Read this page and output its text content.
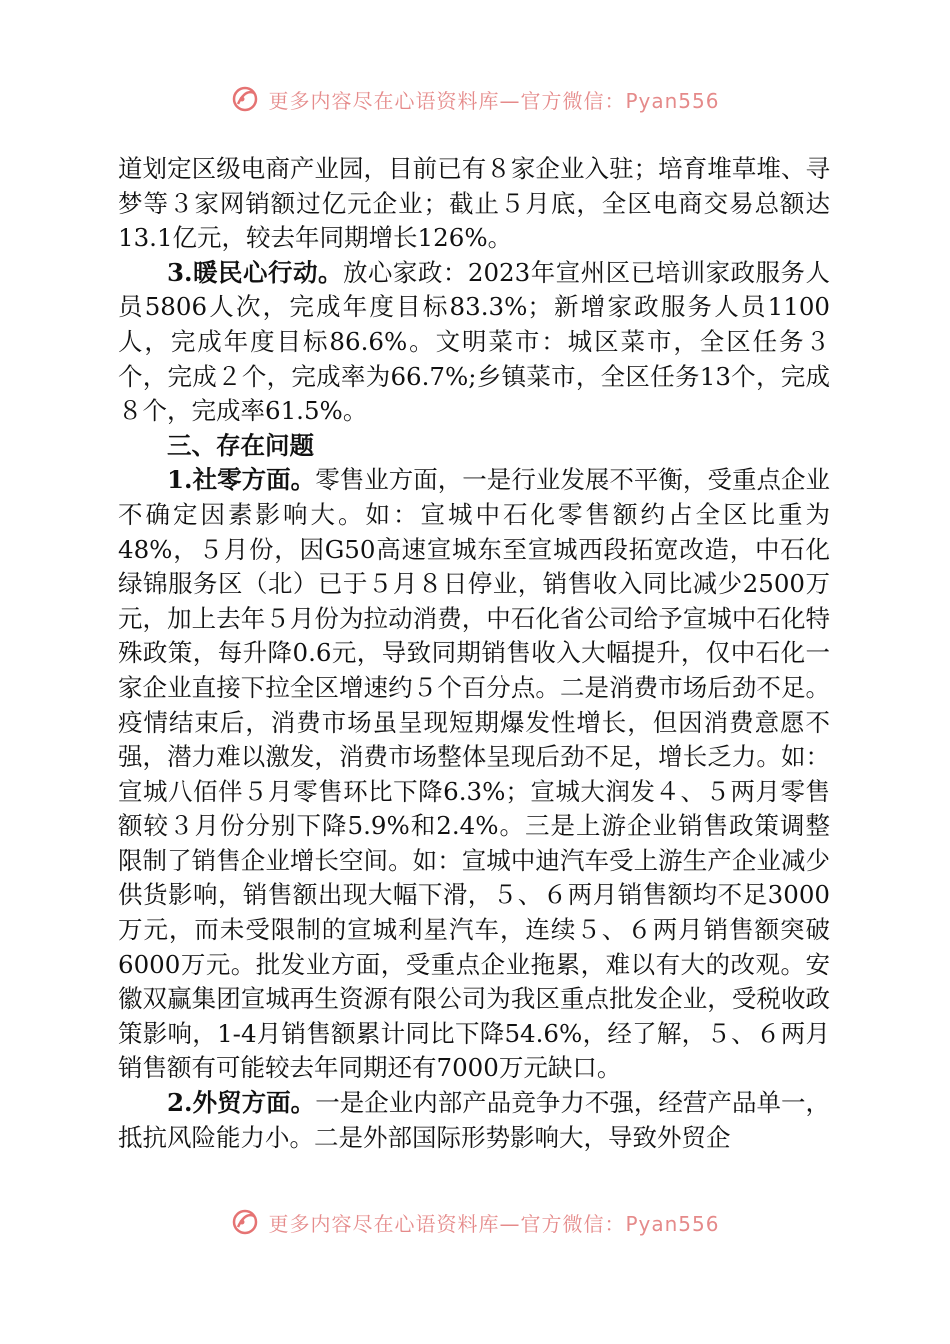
更多内容尽在心语资料库—官方微信：Pyan556

道划定区级电商产业园，目前已有８家企业入驻；培育堆草堆、寻梦等３家网销额过亿元企业；截止５月底，全区电商交易总额达13.1亿元，较去年同期增长126%。

3.暖民心行动。放心家政：2023年宣州区已培训家政服务人员5806人次，完成年度目标83.3%；新增家政服务人员1100人，完成年度目标86.6%。文明菜市：城区菜市，全区任务３个，完成２个，完成率为66.7%;乡镇菜市，全区任务13个，完成８个，完成率61.5%。

三、存在问题

1.社零方面。零售业方面，一是行业发展不平衡，受重点企业不确定因素影响大。如：宣城中石化零售额约占全区比重为48%，５月份，因G50高速宣城东至宣城西段拓宽改造，中石化绿锦服务区（北）已于５月８日停业，销售收入同比减少2500万元，加上去年５月份为拉动消费，中石化省公司给予宣城中石化特殊政策，每升降0.6元，导致同期销售收入大幅提升，仅中石化一家企业直接下拉全区增速约５个百分点。二是消费市场后劲不足。疫情结束后，消费市场虽呈现短期爆发性增长，但因消费意愿不强，潜力难以激发，消费市场整体呈现后劲不足，增长乏力。如：宣城八佰伴５月零售环比下降6.3%；宣城大润发４、５两月零售额较３月份分别下降5.9%和2.4%。三是上游企业销售政策调整限制了销售企业增长空间。如：宣城中迪汽车受上游生产企业减少供货影响，销售额出现大幅下滑，５、６两月销售额均不足3000万元，而未受限制的宣城利星汽车，连续５、６两月销售额突破6000万元。批发业方面，受重点企业拖累，难以有大的改观。安徽双赢集团宣城再生资源有限公司为我区重点批发企业，受税收政策影响，1-4月销售额累计同比下降54.6%，经了解，５、６两月销售额有可能较去年同期还有7000万元缺口。

2.外贸方面。一是企业内部产品竞争力不强，经营产品单一，抵抗风险能力小。二是外部国际形势影响大，导致外贸企

更多内容尽在心语资料库—官方微信：Pyan556
